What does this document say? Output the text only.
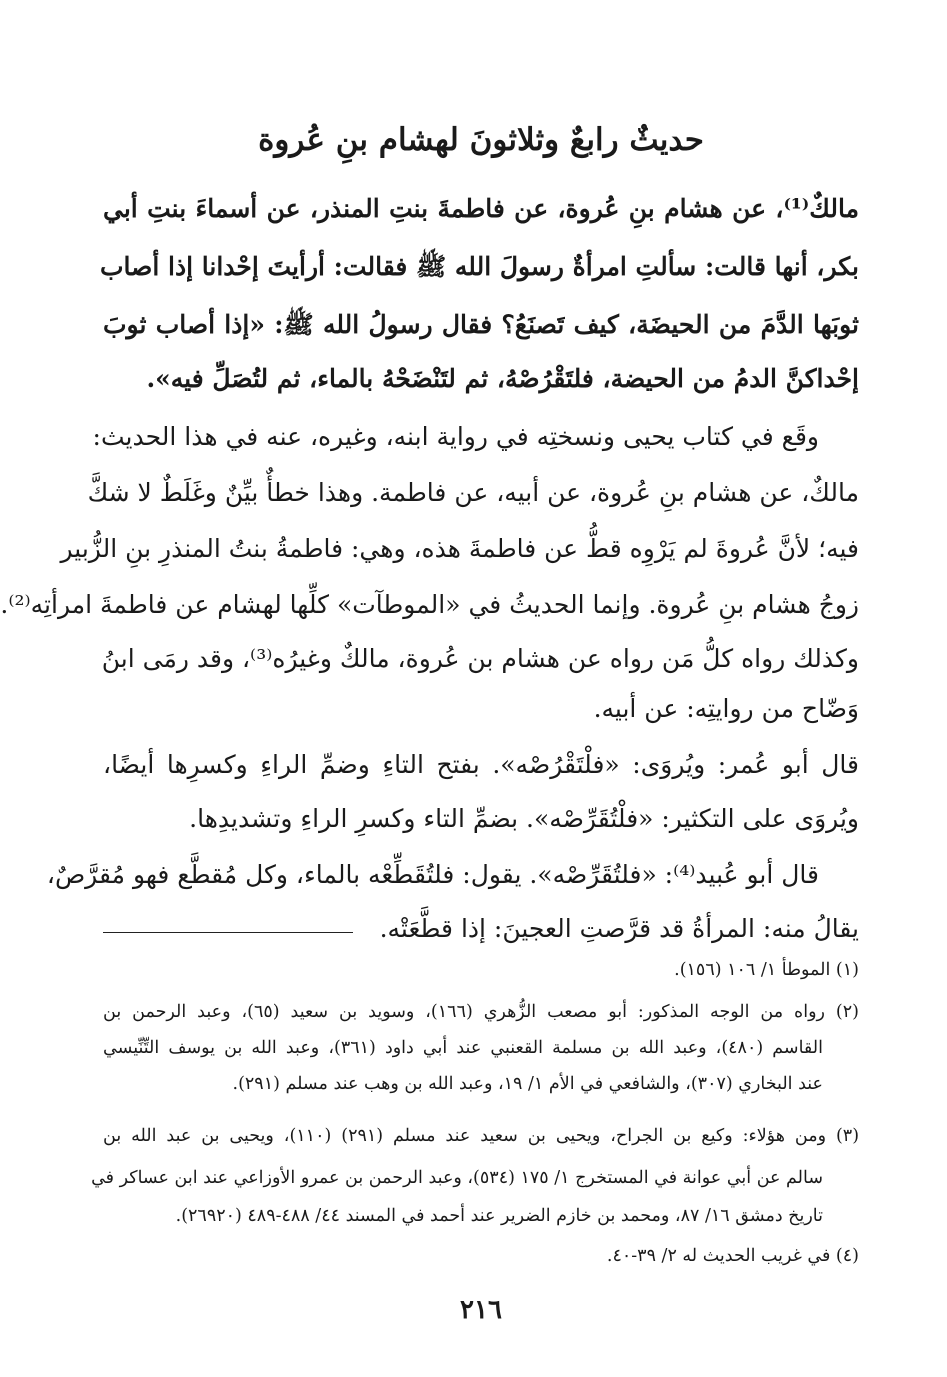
حديثٌ رابعٌ وثلاثونَ لهشام بنِ عُروة
مالكٌ⁽¹⁾، عن هشام بنِ عُروة، عن فاطمةَ بنتِ المنذر، عن أسماءَ بنتِ أبي
بكر، أنها قالت: سألتِ امرأةٌ رسولَ الله ﷺ فقالت: أرأيتَ إحْدانا إذا أصاب
ثوبَها الدَّمَ من الحيضَة، كيف تَصنَعُ؟ فقال رسولُ الله ﷺ: «إذا أصاب ثوبَ
إحْداكنَّ الدمُ من الحيضة، فلتَقْرُصْهُ، ثم لتَنْضَحْهُ بالماء، ثم لتُصَلِّ فيه».
وقَع في كتاب يحيى ونسختِه في رواية ابنه، وغيره، عنه في هذا الحديث:
مالكٌ، عن هشام بنِ عُروة، عن أبيه، عن فاطمة. وهذا خطأٌ بيِّنٌ وغَلَطٌ لا شكَّ
فيه؛ لأنَّ عُروةَ لم يَرْوِه قطُّ عن فاطمةَ هذه، وهي: فاطمةُ بنتُ المنذرِ بنِ الزُّبير
زوجُ هشام بنِ عُروة. وإنما الحديثُ في «الموطآت» كلِّها لهشام عن فاطمةَ امرأتِه⁽²⁾.
وكذلك رواه كلُّ مَن رواه عن هشام بن عُروة، مالكٌ وغيرُه⁽³⁾، وقد رمَى ابنُ
وَضّاح من روايتِه: عن أبيه.
قال أبو عُمر: ويُروَى: «فلْتَقْرُصْه». بفتح التاءِ وضمِّ الراءِ وكسرِها أيضًا،
ويُروَى على التكثير: «فلْتُقَرِّصْه». بضمِّ التاء وكسرِ الراءِ وتشديدِها.
قال أبو عُبيد⁽⁴⁾: «فلتُقَرِّصْه». يقول: فلتُقَطِّعْه بالماء، وكل مُقطَّع فهو مُقرَّصٌ،
يقالُ منه: المرأةُ قد قرَّصتِ العجينَ: إذا قطَّعَتْه.
(١) الموطأ ١/ ١٠٦ (١٥٦).
(٢) رواه من الوجه المذكور: أبو مصعب الزُّهري (١٦٦)، وسويد بن سعيد (٦٥)، وعبد الرحمن بن
القاسم (٤٨٠)، وعبد الله بن مسلمة القعنبي عند أبي داود (٣٦١)، وعبد الله بن يوسف التِّنِّيسي
عند البخاري (٣٠٧)، والشافعي في الأم ١/ ١٩، وعبد الله بن وهب عند مسلم (٢٩١).
(٣) ومن هؤلاء: وكيع بن الجراح، ويحيى بن سعيد عند مسلم (٢٩١) (١١٠)، ويحيى بن عبد الله بن
سالم عن أبي عوانة في المستخرج ١/ ١٧٥ (٥٣٤)، وعبد الرحمن بن عمرو الأوزاعي عند ابن عساكر في
تاريخ دمشق ١٦/ ٨٧، ومحمد بن خازم الضرير عند أحمد في المسند ٤٤/ ٤٨٨-٤٨٩ (٢٦٩٢٠).
(٤) في غريب الحديث له ٢/ ٣٩-٤٠.
٢١٦
